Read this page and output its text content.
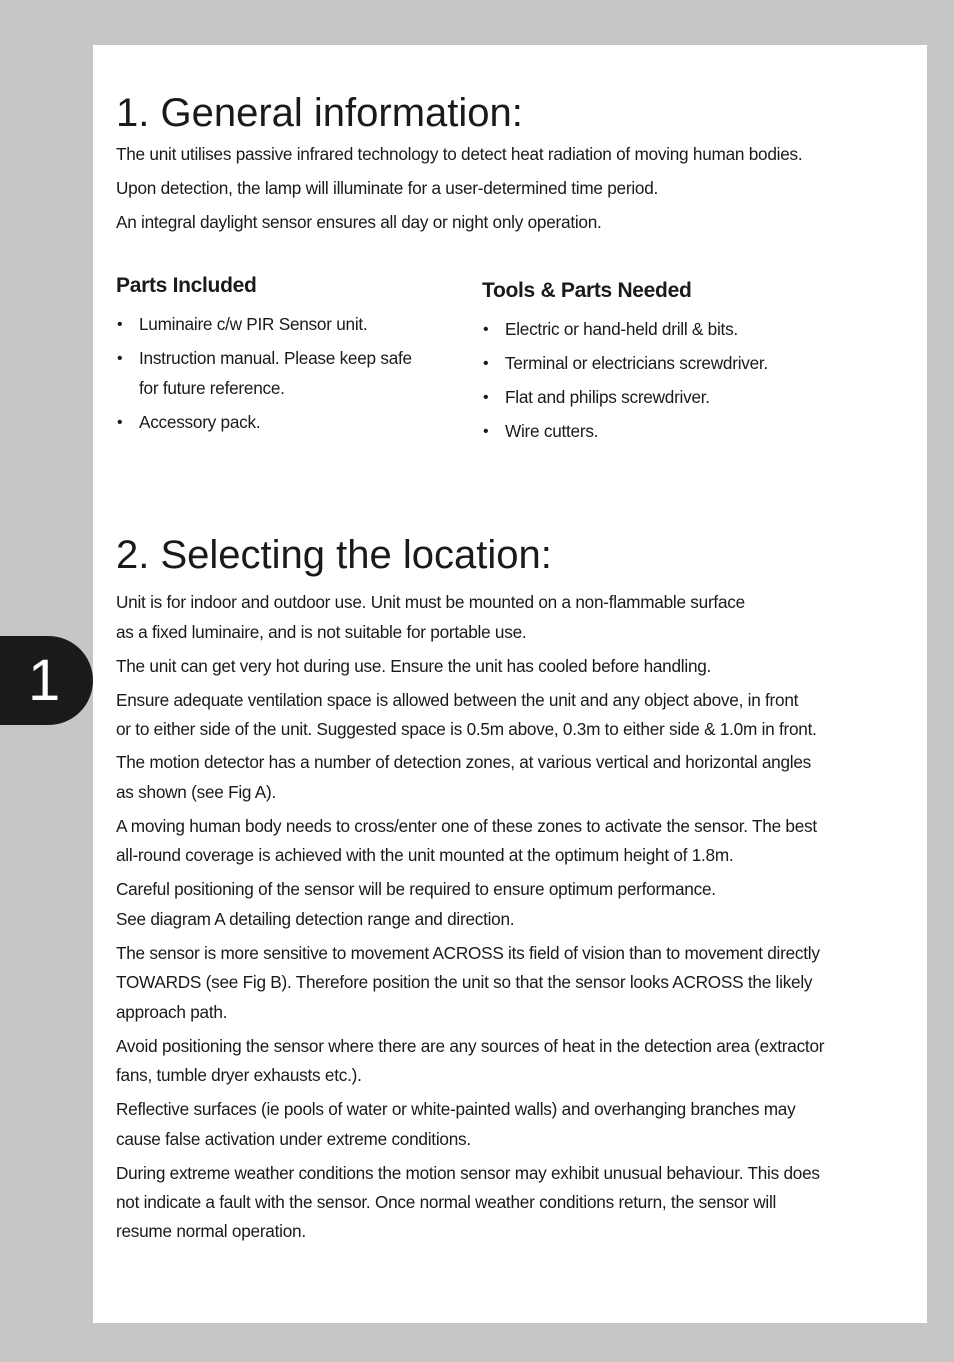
1. General information:

The unit utilises passive infrared technology to detect heat radiation of moving human bodies.

Upon detection, the lamp will illuminate for a user-determined time period.

An integral daylight sensor ensures all day or night only operation.

Parts Included
• Luminaire c/w PIR Sensor unit.
• Instruction manual. Please keep safe
for future reference.
• Accessory pack.
Tools & Parts Needed
• Electric or hand-held drill & bits.
• Terminal or electricians screwdriver.
• Flat and philips screwdriver.
• Wire cutters.
2. Selecting the location:

Unit is for indoor and outdoor use. Unit must be mounted on a non-flammable surface

as a fixed luminaire, and is not suitable for portable use.

The unit can get very hot during use. Ensure the unit has cooled before handling.

Ensure adequate ventilation space is allowed between the unit and any object above, in front

or to either side of the unit. Suggested space is 0.5m above, 0.3m to either side & 1.0m in front.

The motion detector has a number of detection zones, at various vertical and horizontal angles

as shown (see Fig A).

A moving human body needs to cross/enter one of these zones to activate the sensor. The best

all-round coverage is achieved with the unit mounted at the optimum height of 1.8m.

Careful positioning of the sensor will be required to ensure optimum performance.

See diagram A detailing detection range and direction.

The sensor is more sensitive to movement ACROSS its field of vision than to movement directly

TOWARDS (see Fig B). Therefore position the unit so that the sensor looks ACROSS the likely

approach path.

Avoid positioning the sensor where there are any sources of heat in the detection area (extractor

fans, tumble dryer exhausts etc.).

Reflective surfaces (ie pools of water or white-painted walls) and overhanging branches may

cause false activation under extreme conditions.

During extreme weather conditions the motion sensor may exhibit unusual behaviour. This does

not indicate a fault with the sensor. Once normal weather conditions return, the sensor will

resume normal operation.

1
